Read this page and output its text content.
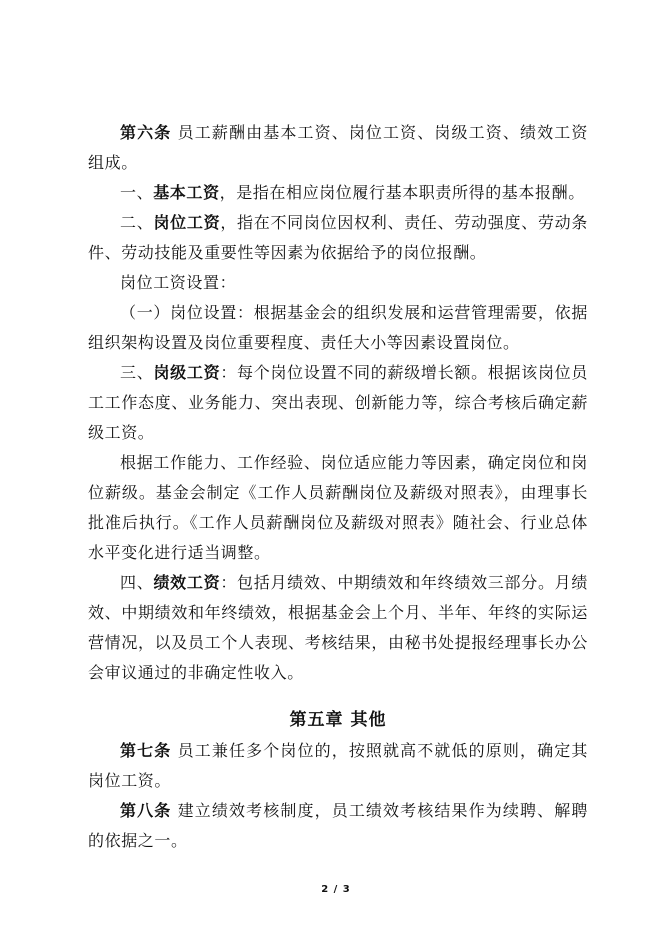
第六条 员工薪酬由基本工资、岗位工资、岗级工资、绩效工资组成。

一、基本工资，是指在相应岗位履行基本职责所得的基本报酬。

二、岗位工资，指在不同岗位因权利、责任、劳动强度、劳动条件、劳动技能及重要性等因素为依据给予的岗位报酬。

岗位工资设置：

（一）岗位设置：根据基金会的组织发展和运营管理需要，依据组织架构设置及岗位重要程度、责任大小等因素设置岗位。

三、岗级工资：每个岗位设置不同的薪级增长额。根据该岗位员工工作态度、业务能力、突出表现、创新能力等，综合考核后确定薪级工资。

根据工作能力、工作经验、岗位适应能力等因素，确定岗位和岗位薪级。基金会制定《工作人员薪酬岗位及薪级对照表》，由理事长批准后执行。《工作人员薪酬岗位及薪级对照表》随社会、行业总体水平变化进行适当调整。

四、绩效工资：包括月绩效、中期绩效和年终绩效三部分。月绩效、中期绩效和年终绩效，根据基金会上个月、半年、年终的实际运营情况，以及员工个人表现、考核结果，由秘书处提报经理事长办公会审议通过的非确定性收入。

第五章 其他

第七条 员工兼任多个岗位的，按照就高不就低的原则，确定其岗位工资。

第八条 建立绩效考核制度，员工绩效考核结果作为续聘、解聘的依据之一。

2 / 3
